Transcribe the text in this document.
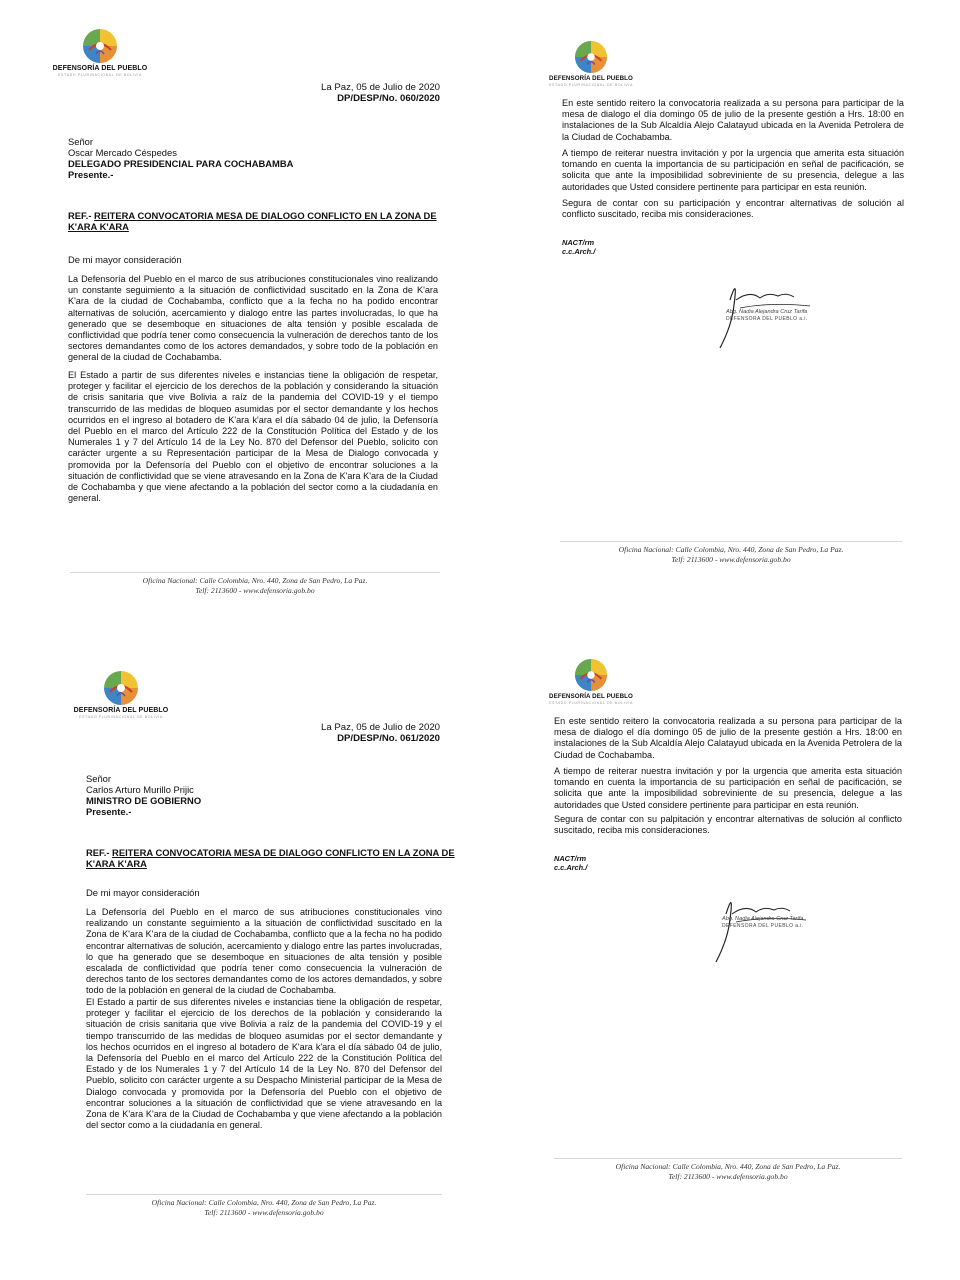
DEFENSORÍA DEL PUEBLO
ESTADO PLURINACIONAL DE BOLIVIA
La Paz, 05 de Julio de 2020
DP/DESP/No. 060/2020
Señor
Oscar Mercado Céspedes
DELEGADO PRESIDENCIAL PARA COCHABAMBA
Presente.-
REF.- REITERA CONVOCATORIA MESA DE DIALOGO CONFLICTO EN LA ZONA DE
K'ARA K'ARA
De mi mayor consideración

La Defensoría del Pueblo en el marco de sus atribuciones constitucionales vino realizando un constante seguimiento a la situación de conflictividad suscitado en la Zona de K'ara K'ara de la ciudad de Cochabamba, conflicto que a la fecha no ha podido encontrar alternativas de solución, acercamiento y dialogo entre las partes involucradas, lo que ha generado que se desemboque en situaciones de alta tensión y posible escalada de conflictividad que podría tener como consecuencia la vulneración de derechos tanto de los sectores demandantes como de los actores demandados, y sobre todo de la población en general de la ciudad de Cochabamba.

El Estado a partir de sus diferentes niveles e instancias tiene la obligación de respetar, proteger y facilitar el ejercicio de los derechos de la población y considerando la situación de crisis sanitaria que vive Bolivia a raíz de la pandemia del COVID-19 y el tiempo transcurrido de las medidas de bloqueo asumidas por el sector demandante y los hechos ocurridos en el ingreso al botadero de K'ara k'ara el día sábado 04 de julio, la Defensoría del Pueblo en el marco del Artículo 222 de la Constitución Política del Estado y de los Numerales 1 y 7 del Artículo 14 de la Ley No. 870 del Defensor del Pueblo, solicito con carácter urgente a su Representación participar de la Mesa de Dialogo convocada y promovida por la Defensoría del Pueblo con el objetivo de encontrar soluciones a la situación de conflictividad que se viene atravesando en la Zona de K'ara K'ara de la Ciudad de Cochabamba y que viene afectando a la población del sector como a la ciudadanía en general.

Oficina Nacional: Calle Colombia, Nro. 440, Zona de San Pedro, La Paz.
Telf: 2113600 - www.defensoria.gob.bo
DEFENSORÍA DEL PUEBLO
ESTADO PLURINACIONAL DE BOLIVIA

En este sentido reitero la convocatoria realizada a su persona para participar de la mesa de dialogo el día domingo 05 de julio de la presente gestión a Hrs. 18:00 en instalaciones de la Sub Alcaldía Alejo Calatayud ubicada en la Avenida Petrolera de la Ciudad de Cochabamba.

A tiempo de reiterar nuestra invitación y por la urgencia que amerita esta situación tomando en cuenta la importancia de su participación en señal de pacificación, se solicita que ante la imposibilidad sobreviniente de su presencia, delegue a las autoridades que Usted considere pertinente para participar en esta reunión.

Segura de contar con su participación y encontrar alternativas de solución al conflicto suscitado, reciba mis consideraciones.

NACT/rm
c.c.Arch./
Abg. Nadia Alejandra Cruz Tarifa
DEFENSORA DEL PUEBLO a.i.
Oficina Nacional: Calle Colombia, Nro. 440, Zona de San Pedro, La Paz.
Telf: 2113600 - www.defensoria.gob.bo
DEFENSORÍA DEL PUEBLO
ESTADO PLURINACIONAL DE BOLIVIA
La Paz, 05 de Julio de 2020
DP/DESP/No. 061/2020
Señor
Carlos Arturo Murillo Prijic
MINISTRO DE GOBIERNO
Presente.-
REF.- REITERA CONVOCATORIA MESA DE DIALOGO CONFLICTO EN LA ZONA DE
K'ARA K'ARA
De mi mayor consideración

La Defensoría del Pueblo en el marco de sus atribuciones constitucionales vino realizando un constante seguimiento a la situación de conflictividad suscitado en la Zona de K'ara K'ara de la ciudad de Cochabamba, conflicto que a la fecha no ha podido encontrar alternativas de solución, acercamiento y dialogo entre las partes involucradas, lo que ha generado que se desemboque en situaciones de alta tensión y posible escalada de conflictividad que podría tener como consecuencia la vulneración de derechos tanto de los sectores demandantes como de los actores demandados, y sobre todo de la población en general de la ciudad de Cochabamba.

El Estado a partir de sus diferentes niveles e instancias tiene la obligación de respetar, proteger y facilitar el ejercicio de los derechos de la población y considerando la situación de crisis sanitaria que vive Bolivia a raíz de la pandemia del COVID-19 y el tiempo transcurrido de las medidas de bloqueo asumidas por el sector demandante y los hechos ocurridos en el ingreso al botadero de K'ara k'ara el día sábado 04 de julio, la Defensoría del Pueblo en el marco del Artículo 222 de la Constitución Política del Estado y de los Numerales 1 y 7 del Artículo 14 de la Ley No. 870 del Defensor del Pueblo, solicito con carácter urgente a su Despacho Ministerial participar de la Mesa de Dialogo convocada y promovida por la Defensoría del Pueblo con el objetivo de encontrar soluciones a la situación de conflictividad que se viene atravesando en la Zona de K'ara K'ara de la Ciudad de Cochabamba y que viene afectando a la población del sector como a la ciudadanía en general.

Oficina Nacional: Calle Colombia, Nro. 440, Zona de San Pedro, La Paz.
Telf: 2113600 - www.defensoria.gob.bo
DEFENSORÍA DEL PUEBLO
ESTADO PLURINACIONAL DE BOLIVIA

En este sentido reitero la convocatoria realizada a su persona para participar de la mesa de dialogo el día domingo 05 de julio de la presente gestión a Hrs. 18:00 en instalaciones de la Sub Alcaldía Alejo Calatayud ubicada en la Avenida Petrolera de la Ciudad de Cochabamba.

A tiempo de reiterar nuestra invitación y por la urgencia que amerita esta situación tomando en cuenta la importancia de su participación en señal de pacificación, se solicita que ante la imposibilidad sobreviniente de su presencia, delegue a las autoridades que Usted considere pertinente para participar en esta reunión.

Segura de contar con su palpitación y encontrar alternativas de solución al conflicto suscitado, reciba mis consideraciones.

NACT/rm
c.c.Arch./
Abg. Nadia Alejandra Cruz Tarifa
DEFENSORA DEL PUEBLO a.i.
Oficina Nacional: Calle Colombia, Nro. 440, Zona de San Pedro, La Paz.
Telf: 2113600 - www.defensoria.gob.bo
